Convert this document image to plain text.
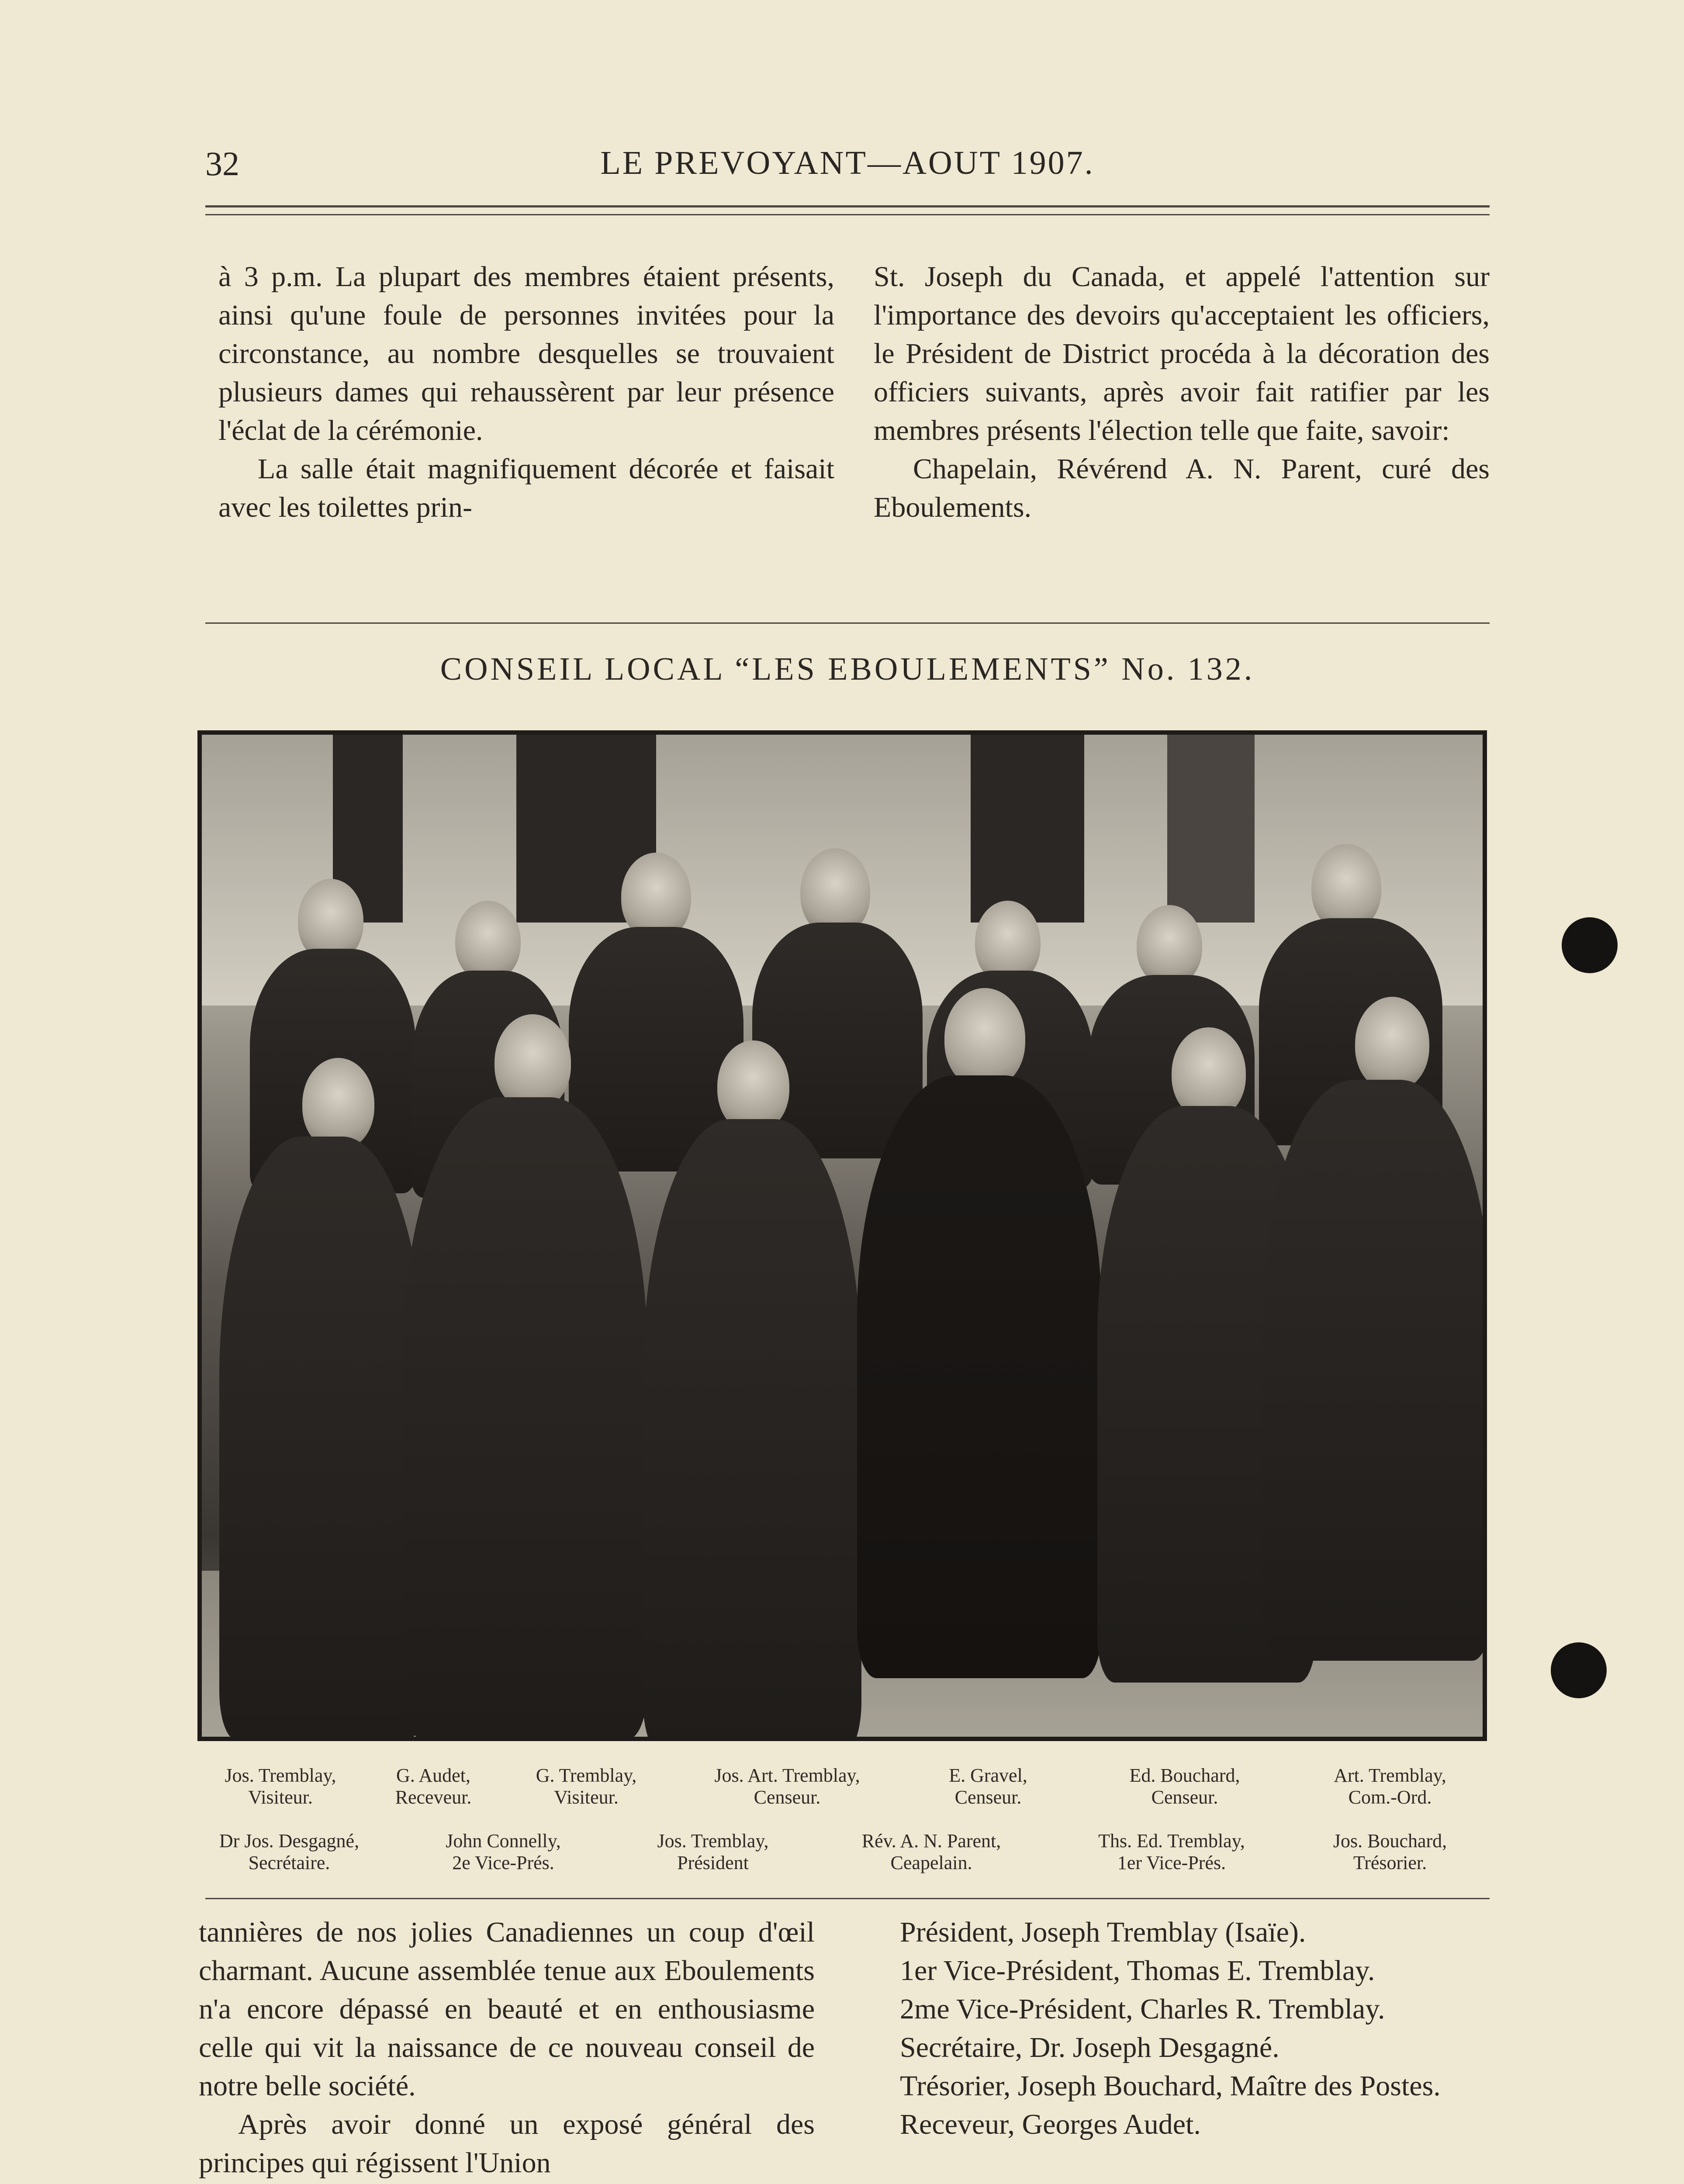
32	LE PREVOYANT—AOUT 1907.

à 3 p.m. La plupart des membres étaient présents, ainsi qu'une foule de personnes invitées pour la circonstance, au nombre desquelles se trouvaient plusieurs dames qui rehaussèrent par leur présence l'éclat de la cérémonie.

La salle était magnifiquement décorée et faisait avec les toilettes prin-

St. Joseph du Canada, et appelé l'attention sur l'importance des devoirs qu'acceptaient les officiers, le Président de District procéda à la décoration des officiers suivants, après avoir fait ratifier par les membres présents l'élection telle que faite, savoir:

Chapelain, Révérend A. N. Parent, curé des Eboulements.

CONSEIL LOCAL “LES EBOULEMENTS” No. 132.
Jos. Tremblay,
Visiteur.
G. Audet,
Receveur.
G. Tremblay,
Visiteur.
Jos. Art. Tremblay,
Censeur.
E. Gravel,
Censeur.
Ed. Bouchard,
Censeur.
Art. Tremblay,
Com.-Ord.
Dr Jos. Desgagné,
Secrétaire.
John Connelly,
2e Vice-Prés.
Jos. Tremblay,
Président
Rév. A. N. Parent,
Ceapelain.
Ths. Ed. Tremblay,
1er Vice-Prés.
Jos. Bouchard,
Trésorier.

tannières de nos jolies Canadiennes un coup d'œil charmant. Aucune assemblée tenue aux Eboulements n'a encore dépassé en beauté et en enthousiasme celle qui vit la naissance de ce nouveau conseil de notre belle société.

Après avoir donné un exposé général des principes qui régissent l'Union

Président, Joseph Tremblay (Isaïe).

1er Vice-Président, Thomas E. Tremblay.

2me Vice-Président, Charles R. Tremblay.

Secrétaire, Dr. Joseph Desgagné.

Trésorier, Joseph Bouchard, Maître des Postes.

Receveur, Georges Audet.
